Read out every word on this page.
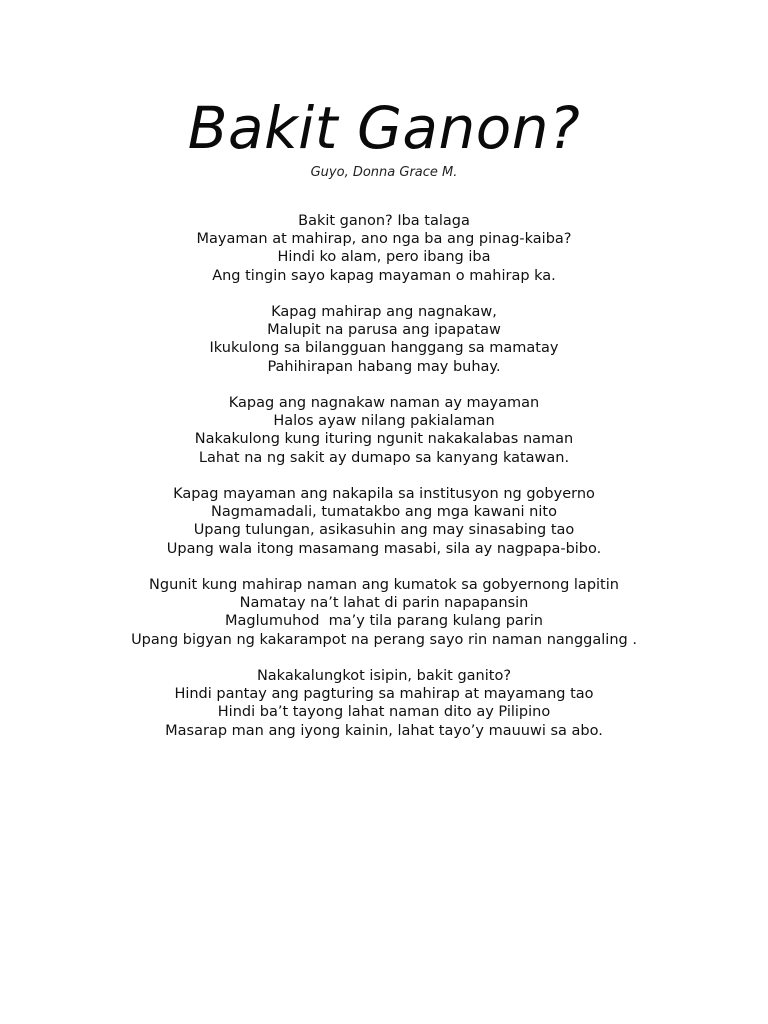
Bakit Ganon?
Guyo, Donna Grace M.
Bakit ganon? Iba talaga
Mayaman at mahirap, ano nga ba ang pinag-kaiba?
Hindi ko alam, pero ibang iba
Ang tingin sayo kapag mayaman o mahirap ka.
Kapag mahirap ang nagnakaw,
Malupit na parusa ang ipapataw
Ikukulong sa bilangguan hanggang sa mamatay
Pahihirapan habang may buhay.
Kapag ang nagnakaw naman ay mayaman
Halos ayaw nilang pakialaman
Nakakulong kung ituring ngunit nakakalabas naman
Lahat na ng sakit ay dumapo sa kanyang katawan.
Kapag mayaman ang nakapila sa institusyon ng gobyerno
Nagmamadali, tumatakbo ang mga kawani nito
Upang tulungan, asikasuhin ang may sinasabing tao
Upang wala itong masamang masabi, sila ay nagpapa-bibo.
Ngunit kung mahirap naman ang kumatok sa gobyernong lapitin
Namatay na’t lahat di parin napapansin
Maglumuhod  ma’y tila parang kulang parin
Upang bigyan ng kakarampot na perang sayo rin naman nanggaling .
Nakakalungkot isipin, bakit ganito?
Hindi pantay ang pagturing sa mahirap at mayamang tao
Hindi ba’t tayong lahat naman dito ay Pilipino
Masarap man ang iyong kainin, lahat tayo’y mauuwi sa abo.
